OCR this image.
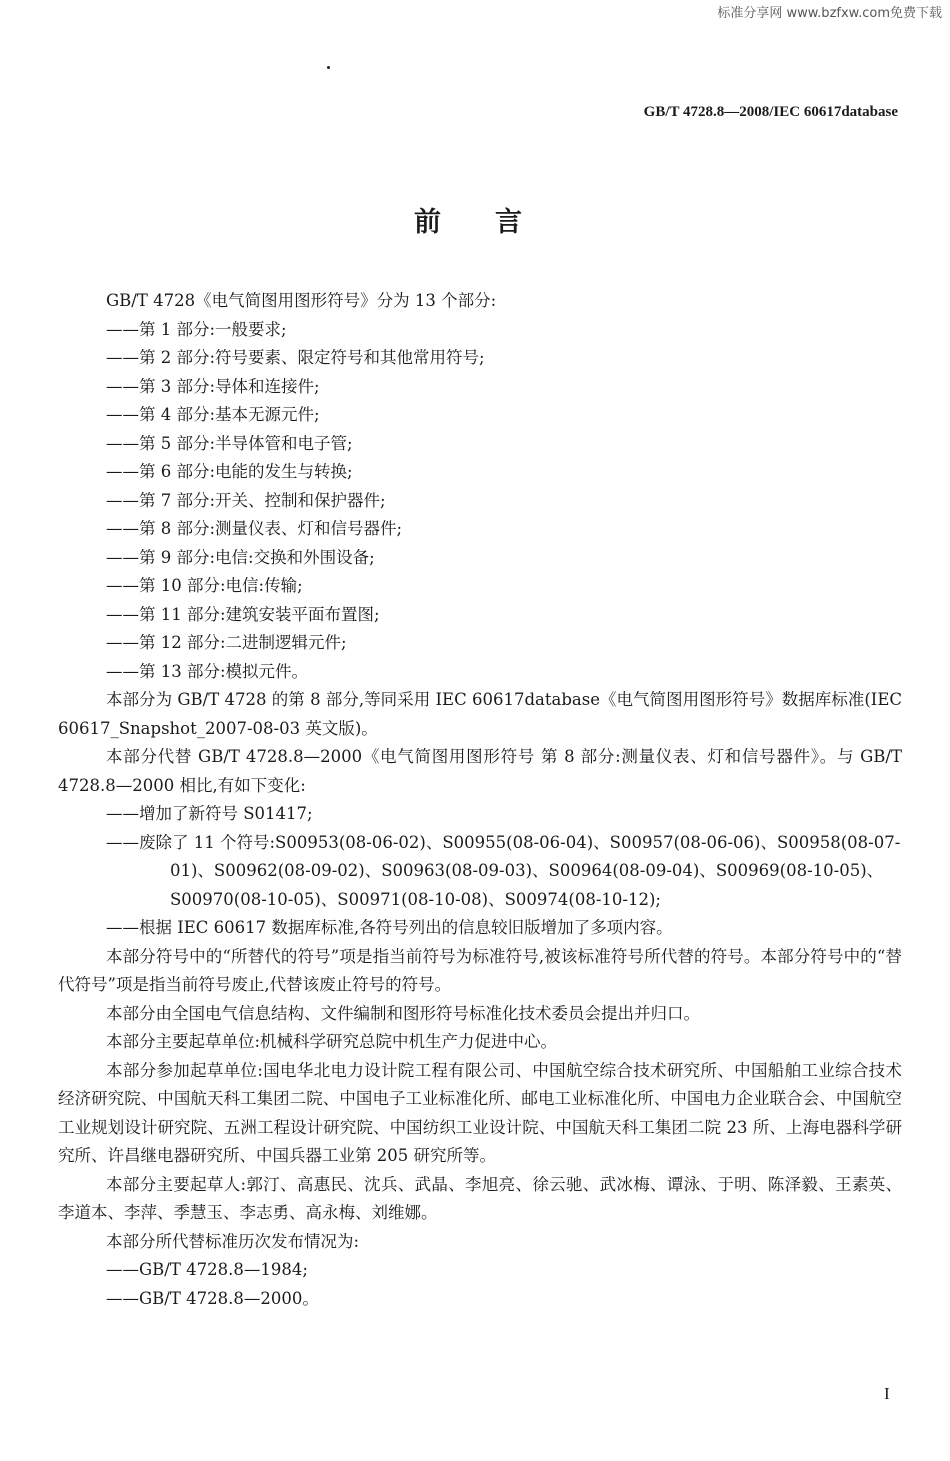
标准分享网 www.bzfxw.com免费下载
GB/T 4728.8—2008/IEC 60617database
前言

GB/T 4728《电气简图用图形符号》分为 13 个部分:

——第 1 部分:一般要求;

——第 2 部分:符号要素、限定符号和其他常用符号;

——第 3 部分:导体和连接件;

——第 4 部分:基本无源元件;

——第 5 部分:半导体管和电子管;

——第 6 部分:电能的发生与转换;

——第 7 部分:开关、控制和保护器件;

——第 8 部分:测量仪表、灯和信号器件;

——第 9 部分:电信:交换和外围设备;

——第 10 部分:电信:传输;

——第 11 部分:建筑安装平面布置图;

——第 12 部分:二进制逻辑元件;

——第 13 部分:模拟元件。

本部分为 GB/T 4728 的第 8 部分,等同采用 IEC 60617database《电气简图用图形符号》数据库标准(IEC 60617_Snapshot_2007-08-03 英文版)。

本部分代替 GB/T 4728.8—2000《电气简图用图形符号 第 8 部分:测量仪表、灯和信号器件》。与 GB/T 4728.8—2000 相比,有如下变化:

——增加了新符号 S01417;

——废除了 11 个符号:S00953(08-06-02)、S00955(08-06-04)、S00957(08-06-06)、S00958(08-07-01)、S00962(08-09-02)、S00963(08-09-03)、S00964(08-09-04)、S00969(08-10-05)、S00970(08-10-05)、S00971(08-10-08)、S00974(08-10-12);

——根据 IEC 60617 数据库标准,各符号列出的信息较旧版增加了多项内容。

本部分符号中的“所替代的符号”项是指当前符号为标准符号,被该标准符号所代替的符号。本部分符号中的“替代符号”项是指当前符号废止,代替该废止符号的符号。

本部分由全国电气信息结构、文件编制和图形符号标准化技术委员会提出并归口。

本部分主要起草单位:机械科学研究总院中机生产力促进中心。

本部分参加起草单位:国电华北电力设计院工程有限公司、中国航空综合技术研究所、中国船舶工业综合技术经济研究院、中国航天科工集团二院、中国电子工业标准化所、邮电工业标准化所、中国电力企业联合会、中国航空工业规划设计研究院、五洲工程设计研究院、中国纺织工业设计院、中国航天科工集团二院 23 所、上海电器科学研究所、许昌继电器研究所、中国兵器工业第 205 研究所等。

本部分主要起草人:郭汀、高惠民、沈兵、武晶、李旭亮、徐云驰、武冰梅、谭泳、于明、陈泽毅、王素英、李道本、李萍、季慧玉、李志勇、高永梅、刘维娜。

本部分所代替标准历次发布情况为:

——GB/T 4728.8—1984;

——GB/T 4728.8—2000。

I
